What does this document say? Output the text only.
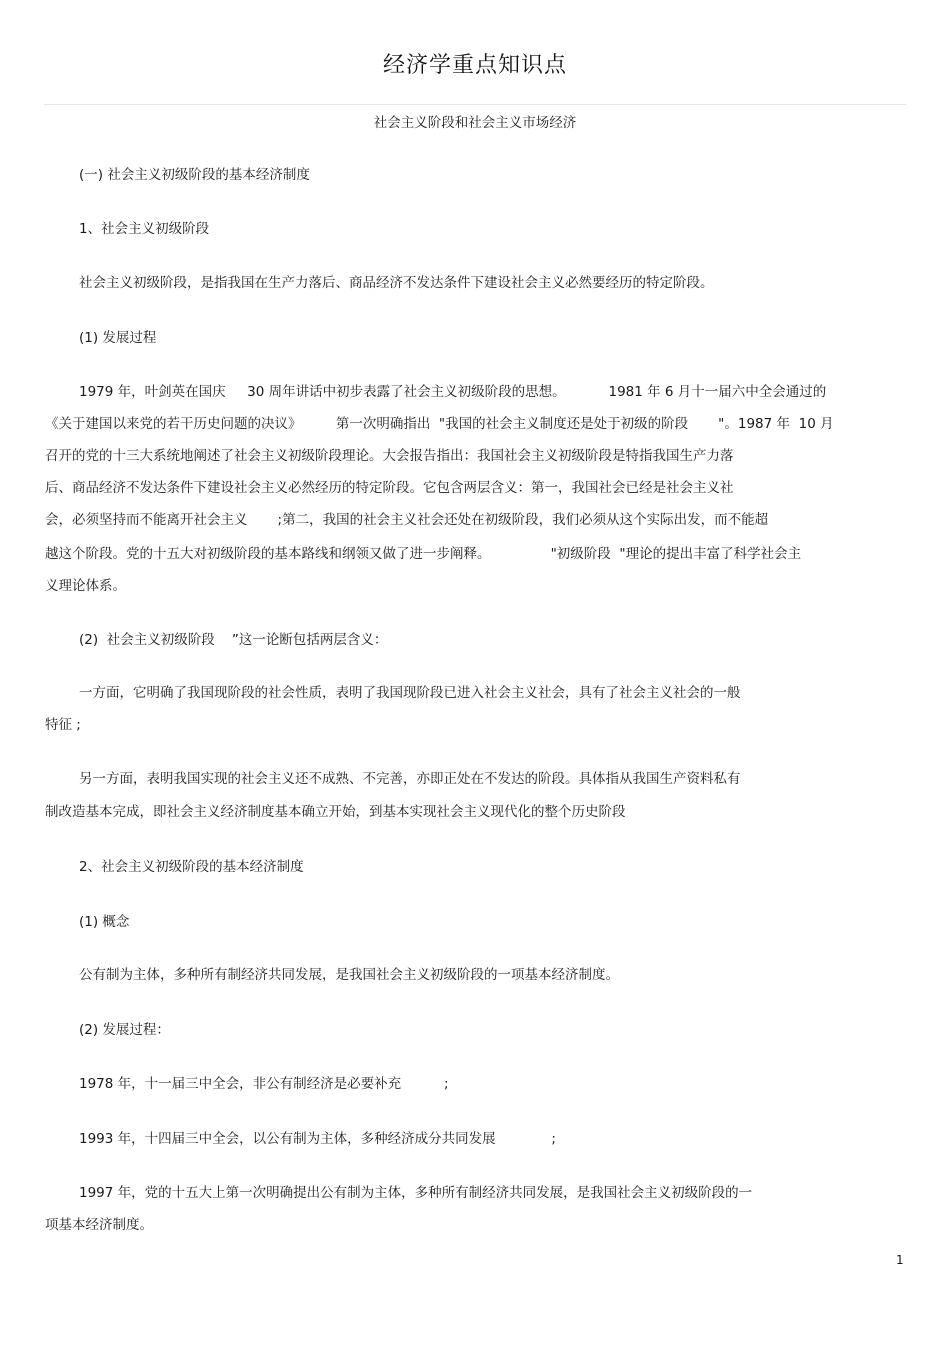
经济学重点知识点
社会主义阶段和社会主义市场经济
(一) 社会主义初级阶段的基本经济制度
1、社会主义初级阶段
社会主义初级阶段，是指我国在生产力落后、商品经济不发达条件下建设社会主义必然要经历的特定阶段。
(1) 发展过程
1979 年，叶剑英在国庆     30 周年讲话中初步表露了社会主义初级阶段的思想。          1981 年 6 月十一届六中全会通过的
《关于建国以来党的若干历史问题的决议》        第一次明确指出  "我国的社会主义制度还是处于初级的阶段       "。1987 年  10 月
召开的党的十三大系统地阐述了社会主义初级阶段理论。大会报告指出：我国社会主义初级阶段是特指我国生产力落
后、商品经济不发达条件下建设社会主义必然经历的特定阶段。它包含两层含义：第一，我国社会已经是社会主义社
会，必须坚持而不能离开社会主义       ;第二，我国的社会主义社会还处在初级阶段，我们必须从这个实际出发，而不能超
越这个阶段。党的十五大对初级阶段的基本路线和纲领又做了进一步阐释。              "初级阶段  "理论的提出丰富了科学社会主
义理论体系。
(2)  社会主义初级阶段    ”这一论断包括两层含义：
一方面，它明确了我国现阶段的社会性质，表明了我国现阶段已进入社会主义社会，具有了社会主义社会的一般
特征 ;
另一方面，表明我国实现的社会主义还不成熟、不完善，亦即正处在不发达的阶段。具体指从我国生产资料私有
制改造基本完成，即社会主义经济制度基本确立开始，到基本实现社会主义现代化的整个历史阶段
2、社会主义初级阶段的基本经济制度
(1) 概念
公有制为主体，多种所有制经济共同发展，是我国社会主义初级阶段的一项基本经济制度。
(2) 发展过程：
1978 年，十一届三中全会，非公有制经济是必要补充          ;
1993 年，十四届三中全会，以公有制为主体，多种经济成分共同发展             ;
1997 年，党的十五大上第一次明确提出公有制为主体，多种所有制经济共同发展，是我国社会主义初级阶段的一
项基本经济制度。
1
